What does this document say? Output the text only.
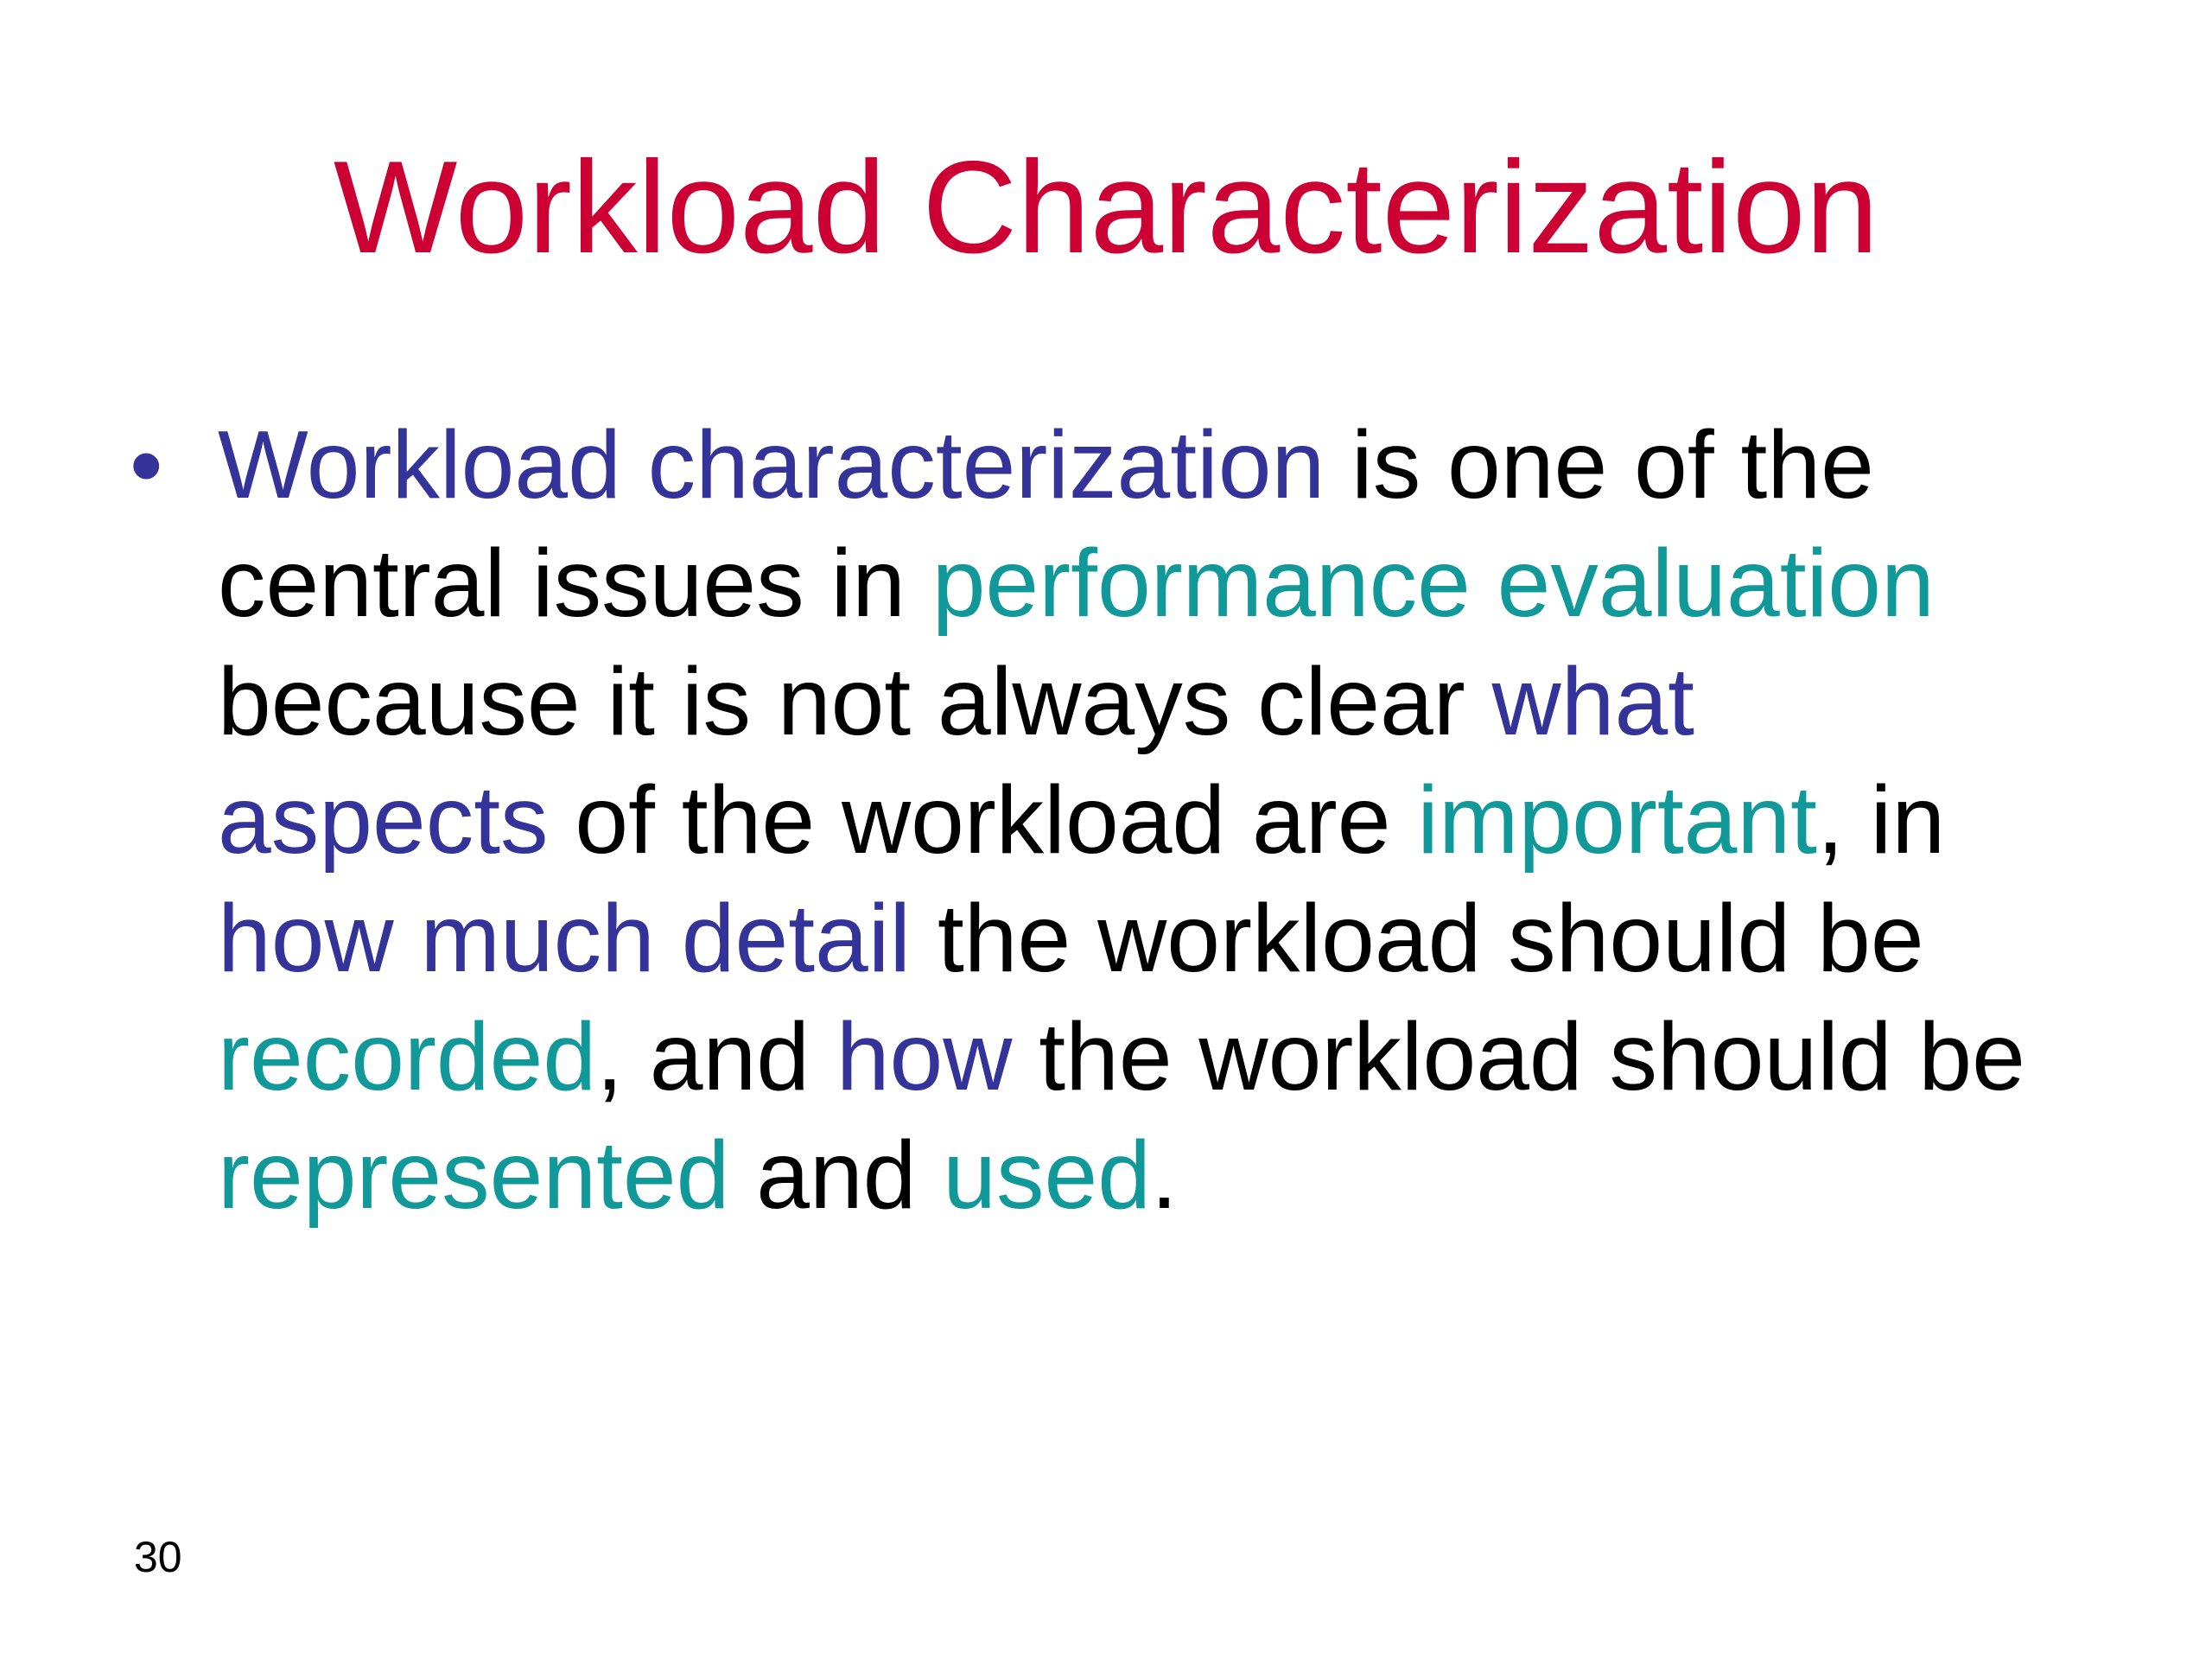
Workload Characterization
• Workload characterization is one of the
central issues in performance evaluation
because it is not always clear what
aspects of the workload are important, in
how much detail the workload should be
recorded, and how the workload should be
represented and used.
30
